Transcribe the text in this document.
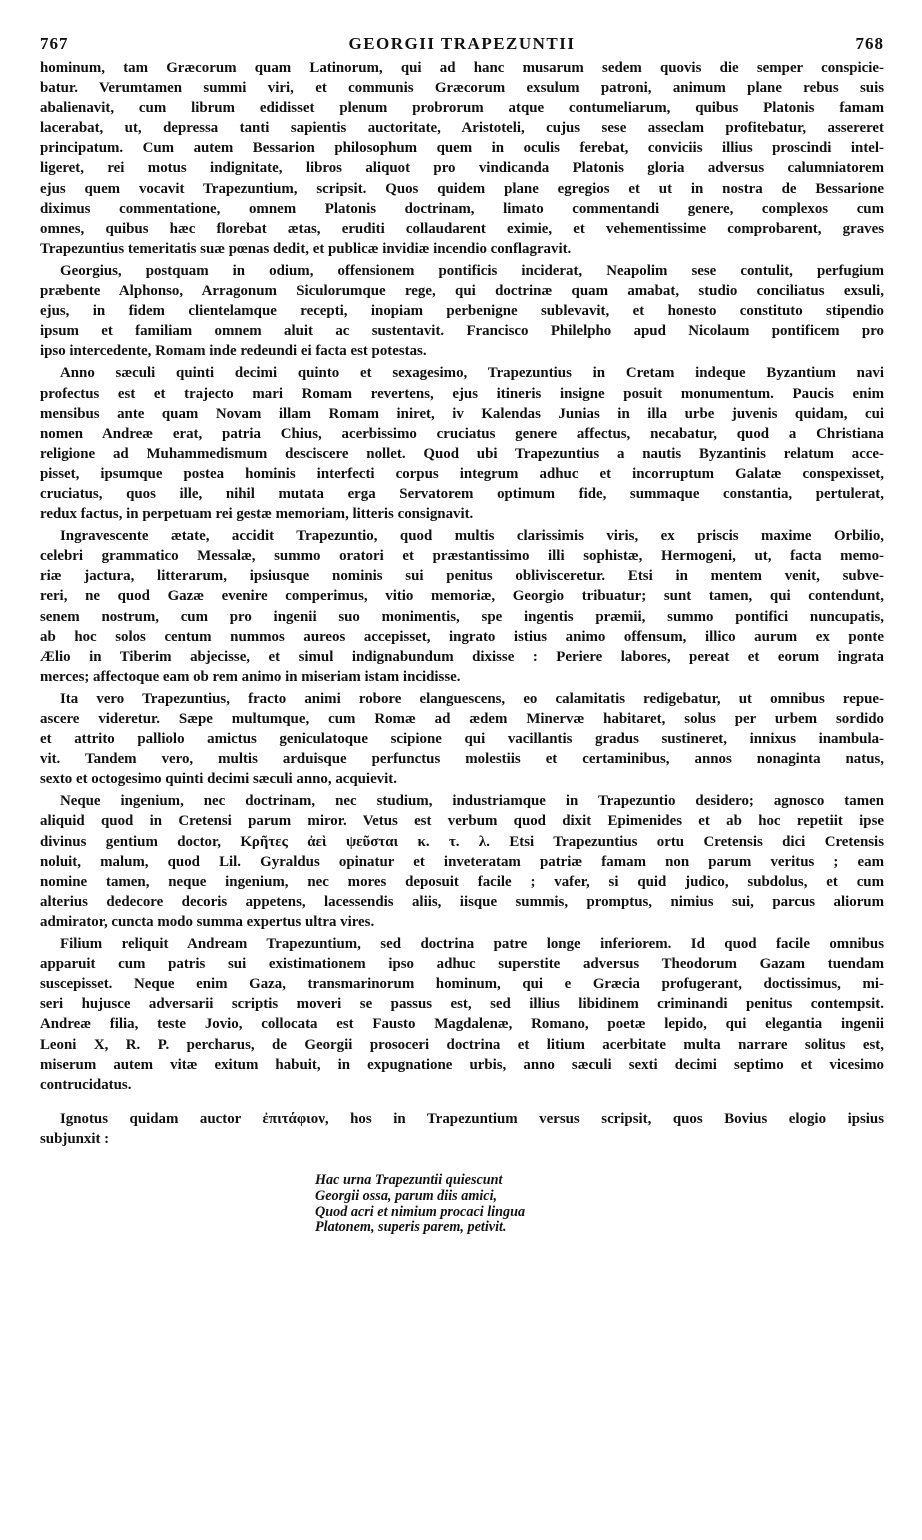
767	GEORGII TRAPEZUNTII	768
hominum, tam Græcorum quam Latinorum, qui ad hanc musarum sedem quovis die semper conspicie-
batur. Verumtamen summi viri, et communis Græcorum exsulum patroni, animum plane rebus suis
abalienavit, cum librum edidisset plenum probrorum atque contumeliarum, quibus Platonis famam
lacerabat, ut, depressa tanti sapientis auctoritate, Aristoteli, cujus sese asseclam profitebatur, assereret
principatum. Cum autem Bessarion philosophum quem in oculis ferebat, conviciis illius proscindi intel-
ligeret, rei motus indignitate, libros aliquot pro vindicanda Platonis gloria adversus calumniatorem
ejus quem vocavit Trapezuntium, scripsit. Quos quidem plane egregios et ut in nostra de Bessarione
diximus commentatione, omnem Platonis doctrinam, limato commentandi genere, complexos cum
omnes, quibus hæc florebat ætas, eruditi collaudarent eximie, et vehementissime comprobarent, graves
Trapezuntius temeritatis suæ pœnas dedit, et publicæ invidiæ incendio conflagravit.
Georgius, postquam in odium, offensionem pontificis inciderat, Neapolim sese contulit, perfugium
præbente Alphonso, Arragonum Siculorumque rege, qui doctrinæ quam amabat, studio conciliatus exsuli,
ejus, in fidem clientelamque recepti, inopiam perbenigne sublevavit, et honesto constituto stipendio
ipsum et familiam omnem aluit ac sustentavit. Francisco Philelpho apud Nicolaum pontificem pro
ipso intercedente, Romam inde redeundi ei facta est potestas.
Anno sæculi quinti decimi quinto et sexagesimo, Trapezuntius in Cretam indeque Byzantium navi
profectus est et trajecto mari Romam revertens, ejus itineris insigne posuit monumentum. Paucis enim
mensibus ante quam Novam illam Romam iniret, iv Kalendas Junias in illa urbe juvenis quidam, cui
nomen Andreæ erat, patria Chius, acerbissimo cruciatus genere affectus, necabatur, quod a Christiana
religione ad Muhammedismum desciscere nollet. Quod ubi Trapezuntius a nautis Byzantinis relatum acce-
pisset, ipsumque postea hominis interfecti corpus integrum adhuc et incorruptum Galatæ conspexisset,
cruciatus, quos ille, nihil mutata erga Servatorem optimum fide, summaque constantia, pertulerat,
redux factus, in perpetuam rei gestæ memoriam, litteris consignavit.
Ingravescente ætate, accidit Trapezuntio, quod multis clarissimis viris, ex priscis maxime Orbilio,
celebri grammatico Messalæ, summo oratori et præstantissimo illi sophistæ, Hermogeni, ut, facta memo-
riæ jactura, litterarum, ipsiusque nominis sui penitus oblivisceretur. Etsi in mentem venit, subve-
reri, ne quod Gazæ evenire comperimus, vitio memoriæ, Georgio tribuatur; sunt tamen, qui contendunt,
senem nostrum, cum pro ingenii suo monimentis, spe ingentis præmii, summo pontifici nuncupatis,
ab hoc solos centum nummos aureos accepisset, ingrato istius animo offensum, illico aurum ex ponte
Ælio in Tiberim abjecisse, et simul indignabundum dixisse : Periere labores, pereat et eorum ingrata
merces; affectoque eam ob rem animo in miseriam istam incidisse.
Ita vero Trapezuntius, fracto animi robore elanguescens, eo calamitatis redigebatur, ut omnibus repue-
ascere videretur. Sæpe multumque, cum Romæ ad ædem Minervæ habitaret, solus per urbem sordido
et attrito palliolo amictus geniculatoque scipione qui vacillantis gradus sustineret, innixus inambula-
vit. Tandem vero, multis arduisque perfunctus molestiis et certaminibus, annos nonaginta natus,
sexto et octogesimo quinti decimi sæculi anno, acquievit.
Neque ingenium, nec doctrinam, nec studium, industriamque in Trapezuntio desidero; agnosco tamen
aliquid quod in Cretensi parum miror. Vetus est verbum quod dixit Epimenides et ab hoc repetiit ipse
divinus gentium doctor, Κρῆτες ἀεὶ ψεῦσται κ. τ. λ. Etsi Trapezuntius ortu Cretensis dici Cretensis
noluit, malum, quod Lil. Gyraldus opinatur et inveteratam patriæ famam non parum veritus ; eam
nomine tamen, neque ingenium, nec mores deposuit facile ; vafer, si quid judico, subdolus, et cum
alterius dedecore decoris appetens, lacessendis aliis, iisque summis, promptus, nimius sui, parcus aliorum
admirator, cuncta modo summa expertus ultra vires.
Filium reliquit Andream Trapezuntium, sed doctrina patre longe inferiorem. Id quod facile omnibus
apparuit cum patris sui existimationem ipso adhuc superstite adversus Theodorum Gazam tuendam
suscepisset. Neque enim Gaza, transmarinorum hominum, qui e Græcia profugerant, doctissimus, mi-
seri hujusce adversarii scriptis moveri se passus est, sed illius libidinem criminandi penitus contempsit.
Andreæ filia, teste Jovio, collocata est Fausto Magdalenæ, Romano, poetæ lepido, qui elegantia ingenii
Leoni X, R. P. percharus, de Georgii prosoceri doctrina et litium acerbitate multa narrare solitus est,
miserum autem vitæ exitum habuit, in expugnatione urbis, anno sæculi sexti decimi septimo et vicesimo
contrucidatus.
Ignotus quidam auctor ἐπιτάφιον, hos in Trapezuntium versus scripsit, quos Bovius elogio ipsius
subjunxit :
Hac urna Trapezuntii quiescunt
Georgii ossa, parum diis amici,
Quod acri et nimium procaci lingua
Platonem, superis parem, petivit.
